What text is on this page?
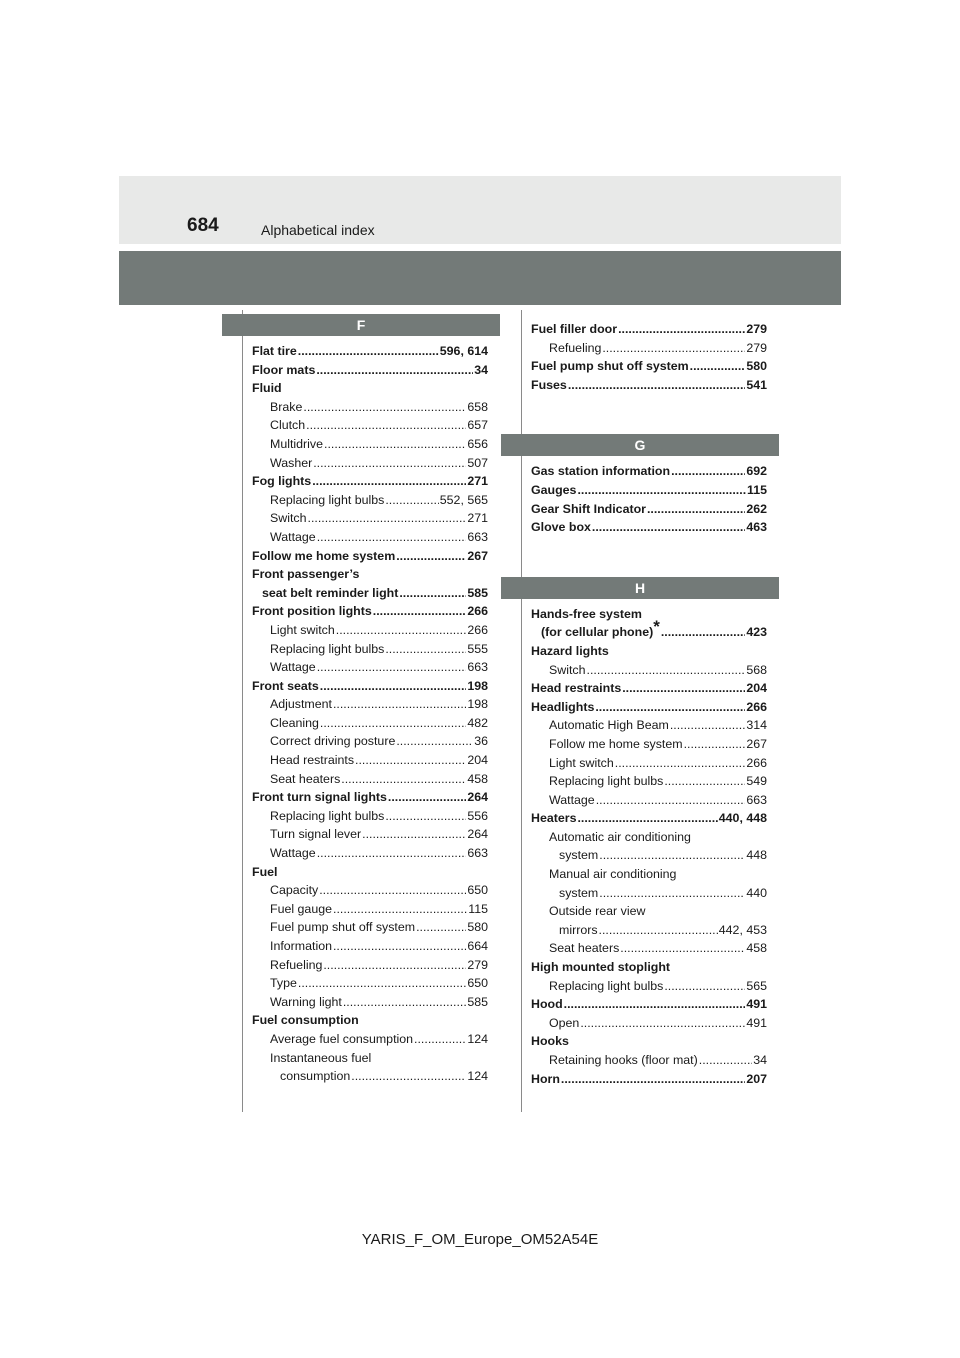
684	Alphabetical index
F
Flat tire .....	596, 614
Floor mats .....	34
Fluid
Brake .....	658
Clutch .....	657
Multidrive .....	656
Washer .....	507
Fog lights .....	271
Replacing light bulbs .....	552, 565
Switch .....	271
Wattage .....	663
Follow me home system .....	267
Front passenger’s
seat belt reminder light .....	585
Front position lights .....	266
Light switch .....	266
Replacing light bulbs .....	555
Wattage .....	663
Front seats .....	198
Adjustment .....	198
Cleaning .....	482
Correct driving posture .....	36
Head restraints .....	204
Seat heaters .....	458
Front turn signal lights .....	264
Replacing light bulbs .....	556
Turn signal lever .....	264
Wattage .....	663
Fuel
Capacity .....	650
Fuel gauge .....	115
Fuel pump shut off system .....	580
Information .....	664
Refueling .....	279
Type .....	650
Warning light .....	585
Fuel consumption
Average fuel consumption .....	124
Instantaneous fuel
consumption .....	124
Fuel filler door .....	279
Refueling .....	279
Fuel pump shut off system .....	580
Fuses .....	541
G
Gas station information .....	692
Gauges .....	115
Gear Shift Indicator .....	262
Glove box .....	463
H
Hands-free system
(for cellular phone) * .....	423
Hazard lights
Switch .....	568
Head restraints .....	204
Headlights .....	266
Automatic High Beam .....	314
Follow me home system .....	267
Light switch .....	266
Replacing light bulbs .....	549
Wattage .....	663
Heaters .....	440, 448
Automatic air conditioning
system .....	448
Manual air conditioning
system .....	440
Outside rear view
mirrors .....	442, 453
Seat heaters .....	458
High mounted stoplight
Replacing light bulbs .....	565
Hood .....	491
Open .....	491
Hooks
Retaining hooks (floor mat) .....	34
Horn .....	207
YARIS_F_OM_Europe_OM52A54E
